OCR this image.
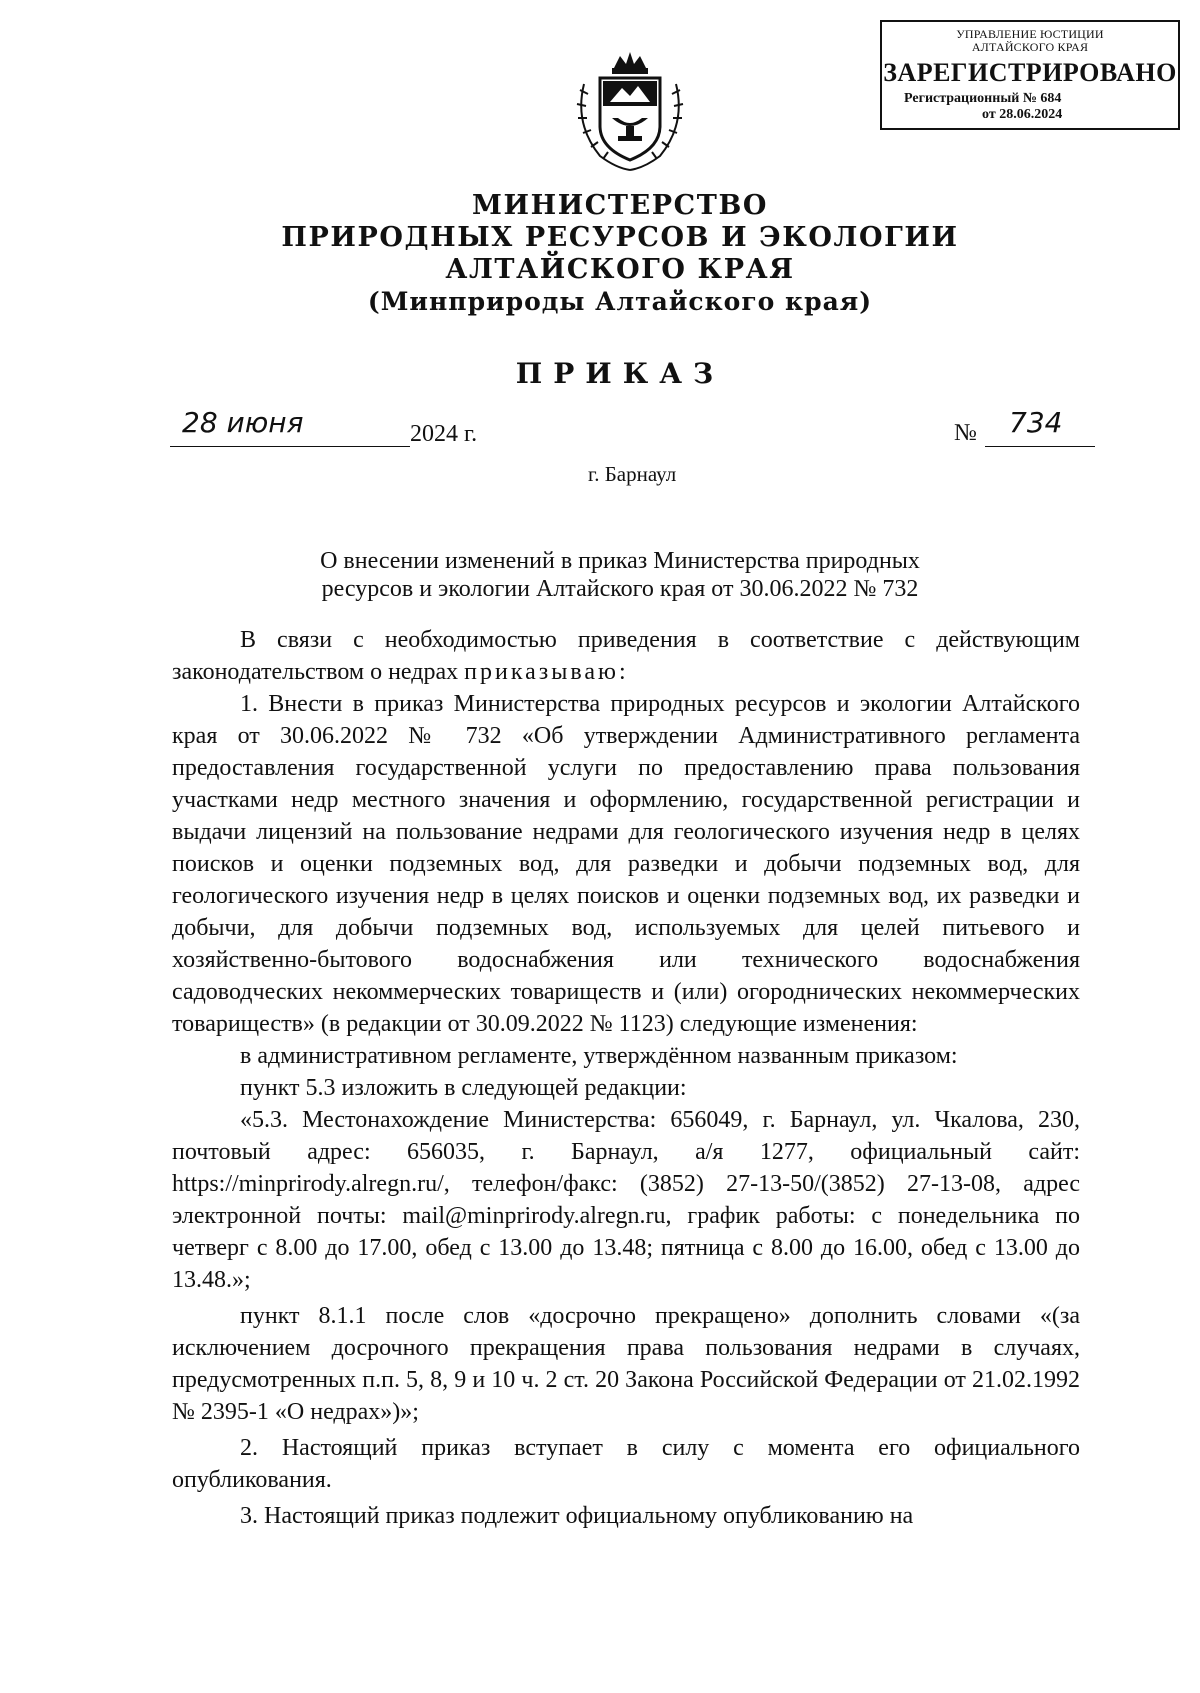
УПРАВЛЕНИЕ ЮСТИЦИИ
АЛТАЙСКОГО КРАЯ
ЗАРЕГИСТРИРОВАНО
Регистрационный № 684
от 28.06.2024
МИНИСТЕРСТВО
ПРИРОДНЫХ РЕСУРСОВ И ЭКОЛОГИИ
АЛТАЙСКОГО КРАЯ
(Минприроды Алтайского края)
ПРИКАЗ
28 июня	2024 г.	№ 734
г. Барнаул
О внесении изменений в приказ Министерства природных
ресурсов и экологии Алтайского края от 30.06.2022 № 732

В связи с необходимостью приведения в соответствие с действующим законодательством о недрах приказываю:

1. Внести в приказ Министерства природных ресурсов и экологии Алтайского края от 30.06.2022 № 732 «Об утверждении Административного регламента предоставления государственной услуги по предоставлению права пользования участками недр местного значения и оформлению, государственной регистрации и выдачи лицензий на пользование недрами для геологического изучения недр в целях поисков и оценки подземных вод, для разведки и добычи подземных вод, для геологического изучения недр в целях поисков и оценки подземных вод, их разведки и добычи, для добычи подземных вод, используемых для целей питьевого и хозяйственно-бытового водоснабжения или технического водоснабжения садоводческих некоммерческих товариществ и (или) огороднических некоммерческих товариществ» (в редакции от 30.09.2022 № 1123) следующие изменения:

в административном регламенте, утверждённом названным приказом:

пункт 5.3 изложить в следующей редакции:

«5.3. Местонахождение Министерства: 656049, г. Барнаул, ул. Чкалова, 230, почтовый адрес: 656035, г. Барнаул, а/я 1277, официальный сайт: https://minprirody.alregn.ru/, телефон/факс: (3852) 27-13-50/(3852) 27-13-08, адрес электронной почты: mail@minprirody.alregn.ru, график работы: с понедельника по четверг с 8.00 до 17.00, обед с 13.00 до 13.48; пятница с 8.00 до 16.00, обед с 13.00 до 13.48.»;

пункт 8.1.1 после слов «досрочно прекращено» дополнить словами «(за исключением досрочного прекращения права пользования недрами в случаях, предусмотренных п.п. 5, 8, 9 и 10 ч. 2 ст. 20 Закона Российской Федерации от 21.02.1992 № 2395-1 «О недрах»)»;

2. Настоящий приказ вступает в силу с момента его официального опубликования.

3. Настоящий приказ подлежит официальному опубликованию на
